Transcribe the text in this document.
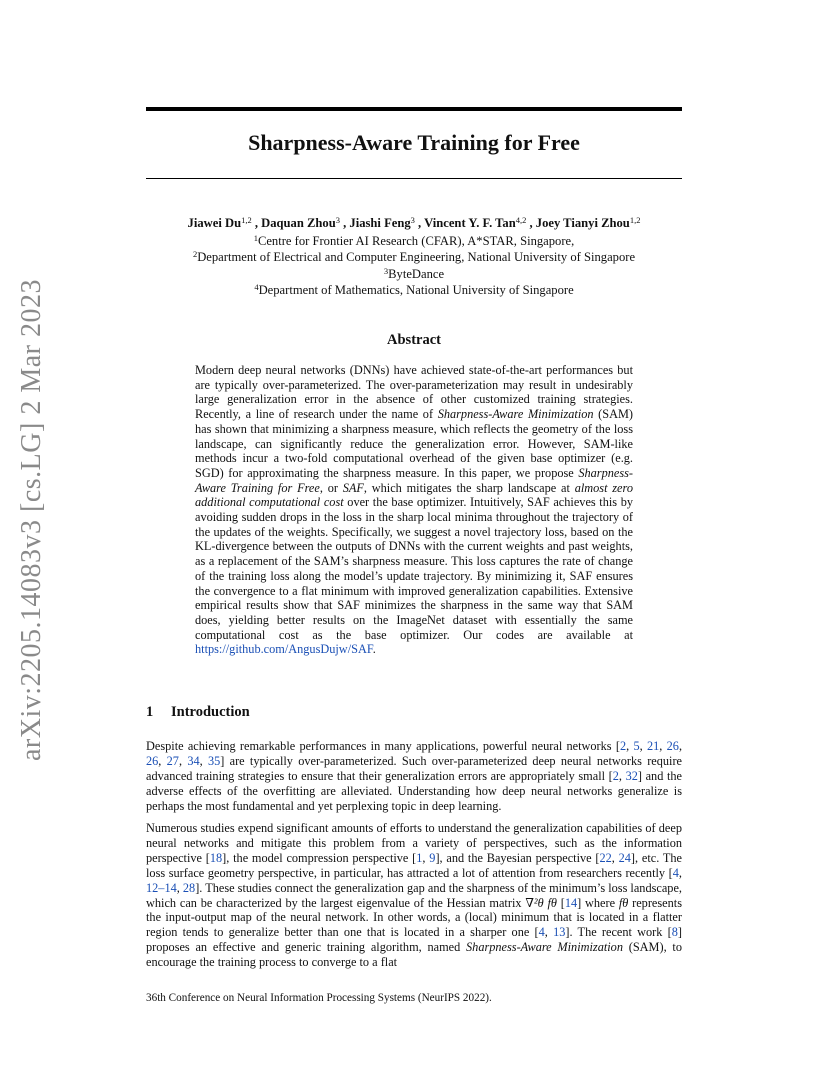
arXiv:2205.14083v3 [cs.LG] 2 Mar 2023
Sharpness-Aware Training for Free
Jiawei Du$^{1,2}$ , Daquan Zhou$^3$ , Jiashi Feng$^3$ , Vincent Y. F. Tan$^{4,2}$ , Joey Tianyi Zhou$^{1,2}$
$^1$Centre for Frontier AI Research (CFAR), A*STAR, Singapore,
$^2$Department of Electrical and Computer Engineering, National University of Singapore
$^3$ByteDance
$^4$Department of Mathematics, National University of Singapore
Abstract

Modern deep neural networks (DNNs) have achieved state-of-the-art performances but are typically over-parameterized. The over-parameterization may result in undesirably large generalization error in the absence of other customized training strategies. Recently, a line of research under the name of Sharpness-Aware Minimization (SAM) has shown that minimizing a sharpness measure, which reflects the geometry of the loss landscape, can significantly reduce the generalization error. However, SAM-like methods incur a two-fold computational overhead of the given base optimizer (e.g. SGD) for approximating the sharpness measure. In this paper, we propose Sharpness-Aware Training for Free, or SAF, which mitigates the sharp landscape at almost zero additional computational cost over the base optimizer. Intuitively, SAF achieves this by avoiding sudden drops in the loss in the sharp local minima throughout the trajectory of the updates of the weights. Specifically, we suggest a novel trajectory loss, based on the KL-divergence between the outputs of DNNs with the current weights and past weights, as a replacement of the SAM’s sharpness measure. This loss captures the rate of change of the training loss along the model’s update trajectory. By minimizing it, SAF ensures the convergence to a flat minimum with improved generalization capabilities. Extensive empirical results show that SAF minimizes the sharpness in the same way that SAM does, yielding better results on the ImageNet dataset with essentially the same computational cost as the base optimizer. Our codes are available at https://github.com/AngusDujw/SAF.

1 Introduction

Despite achieving remarkable performances in many applications, powerful neural networks [2, 5, 21, 26, 26, 27, 34, 35] are typically over-parameterized. Such over-parameterized deep neural networks require advanced training strategies to ensure that their generalization errors are appropriately small [2, 32] and the adverse effects of the overfitting are alleviated. Understanding how deep neural networks generalize is perhaps the most fundamental and yet perplexing topic in deep learning.

Numerous studies expend significant amounts of efforts to understand the generalization capabilities of deep neural networks and mitigate this problem from a variety of perspectives, such as the information perspective [18], the model compression perspective [1, 9], and the Bayesian perspective [22, 24], etc. The loss surface geometry perspective, in particular, has attracted a lot of attention from researchers recently [4, 12–14, 28]. These studies connect the generalization gap and the sharpness of the minimum’s loss landscape, which can be characterized by the largest eigenvalue of the Hessian matrix ∇²θ fθ [14] where fθ represents the input-output map of the neural network. In other words, a (local) minimum that is located in a flatter region tends to generalize better than one that is located in a sharper one [4, 13]. The recent work [8] proposes an effective and generic training algorithm, named Sharpness-Aware Minimization (SAM), to encourage the training process to converge to a flat

36th Conference on Neural Information Processing Systems (NeurIPS 2022).
